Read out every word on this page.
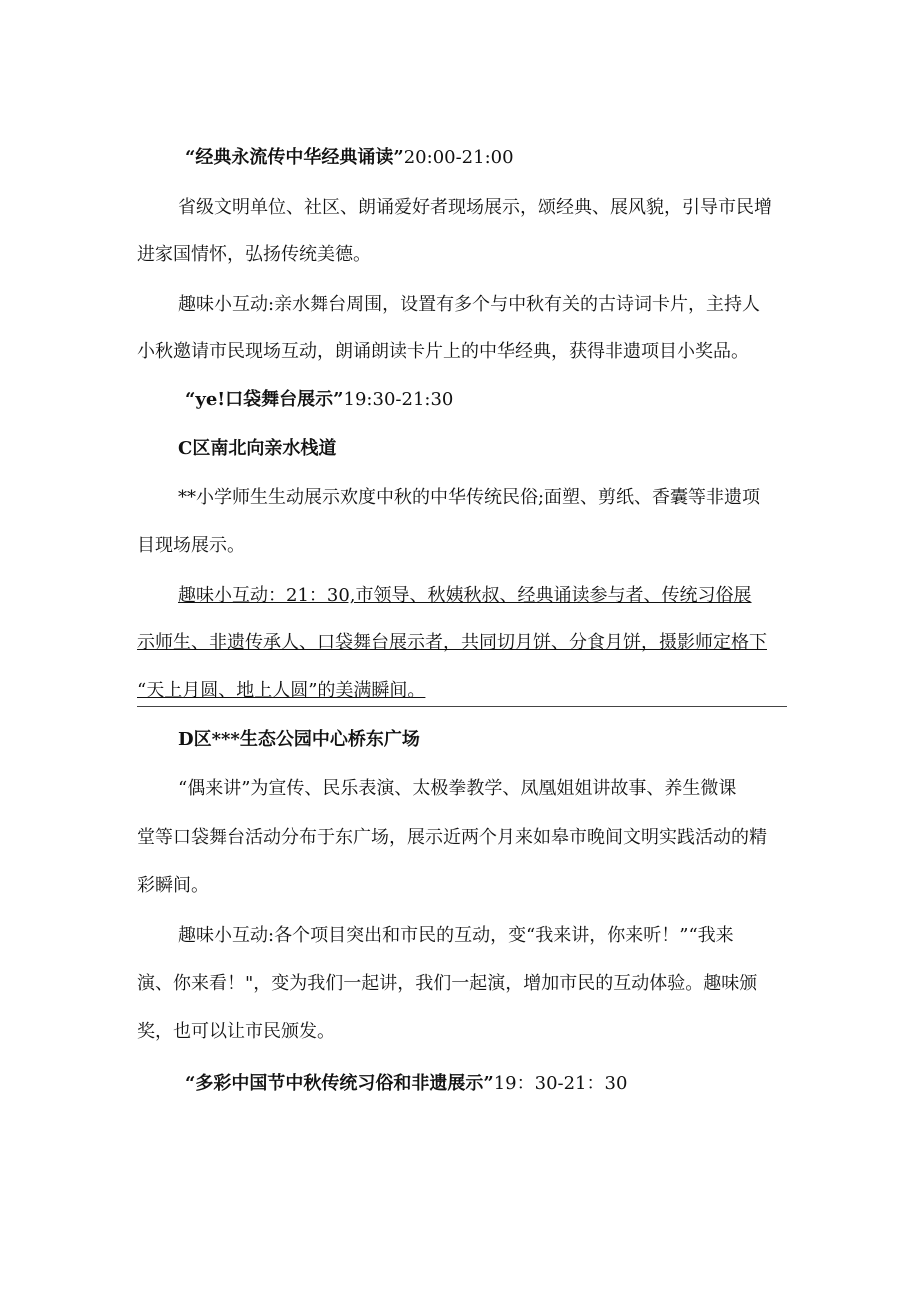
“经典永流传中华经典诵读”20:00-21:00
省级文明单位、社区、朗诵爱好者现场展示，颂经典、展风貌，引导市民增
进家国情怀，弘扬传统美德。
趣味小互动:亲水舞台周围，设置有多个与中秋有关的古诗词卡片，主持人
小秋邀请市民现场互动，朗诵朗读卡片上的中华经典，获得非遗项目小奖品。
“ye!口袋舞台展示”19:30-21:30
C区南北向亲水栈道
**小学师生生动展示欢度中秋的中华传统民俗;面塑、剪纸、香囊等非遗项
目现场展示。
趣味小互动：21：30,市领导、秋姨秋叔、经典诵读参与者、传统习俗展
示师生、非遗传承人、口袋舞台展示者，共同切月饼、分食月饼，摄影师定格下
“天上月圆、地上人圆”的美满瞬间。
D区***生态公园中心桥东广场
“偶来讲”为宣传、民乐表演、太极拳教学、凤凰姐姐讲故事、养生微课
堂等口袋舞台活动分布于东广场，展示近两个月来如皋市晚间文明实践活动的精
彩瞬间。
趣味小互动:各个项目突出和市民的互动，变“我来讲，你来听！”“我来
演、你来看！"，变为我们一起讲，我们一起演，增加市民的互动体验。趣味颁
奖，也可以让市民颁发。
“多彩中国节中秋传统习俗和非遗展示”19：30-21：30
